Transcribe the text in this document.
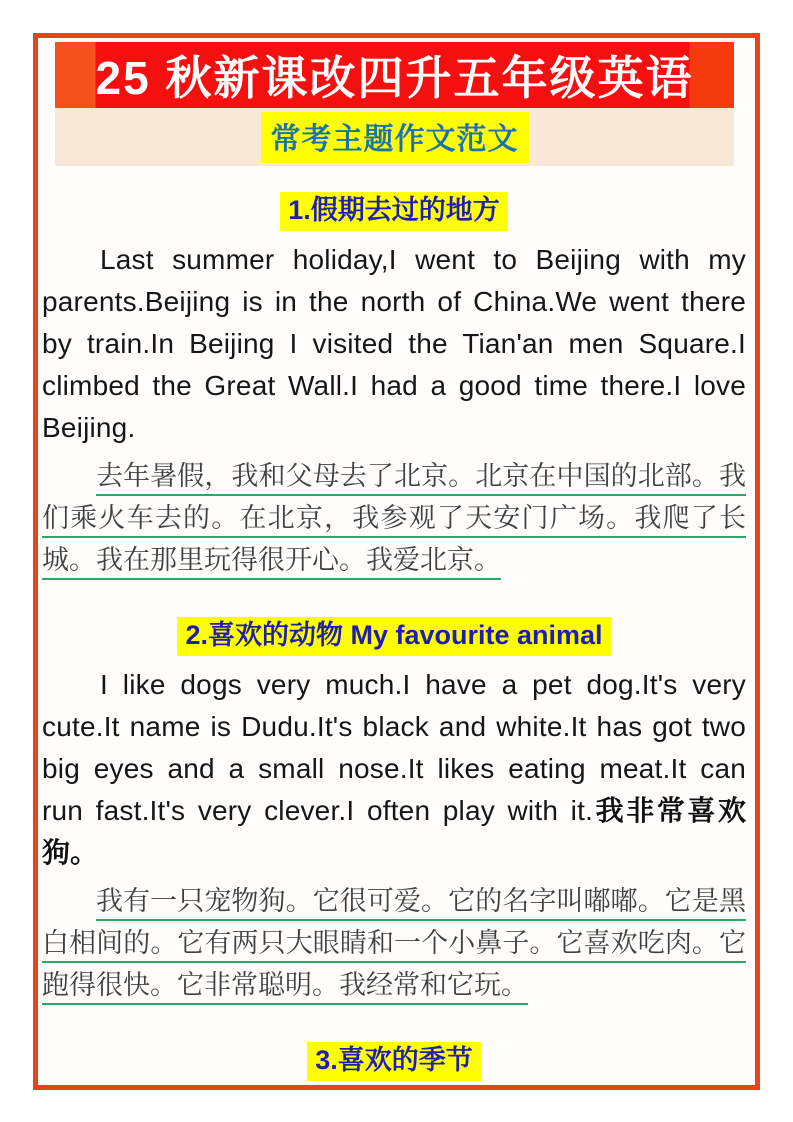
25 秋新课改四升五年级英语
常考主题作文范文
1.假期去过的地方

Last summer holiday,I went to Beijing with my parents.Beijing is in the north of China.We went there by train.In Beijing I visited the Tian'an men Square.I climbed the Great Wall.I had a good time there.I love Beijing.

去年暑假，我和父母去了北京。北京在中国的北部。我们乘火车去的。在北京，我参观了天安门广场。我爬了长城。我在那里玩得很开心。我爱北京。

2.喜欢的动物 My favourite animal

I like dogs very much.I have a pet dog.It's very cute.It name is Dudu.It's black and white.It has got two big eyes and a small nose.It likes eating meat.It can run fast.It's very clever.I often play with it.我非常喜欢狗。

我有一只宠物狗。它很可爱。它的名字叫嘟嘟。它是黑白相间的。它有两只大眼睛和一个小鼻子。它喜欢吃肉。它跑得很快。它非常聪明。我经常和它玩。

3.喜欢的季节
